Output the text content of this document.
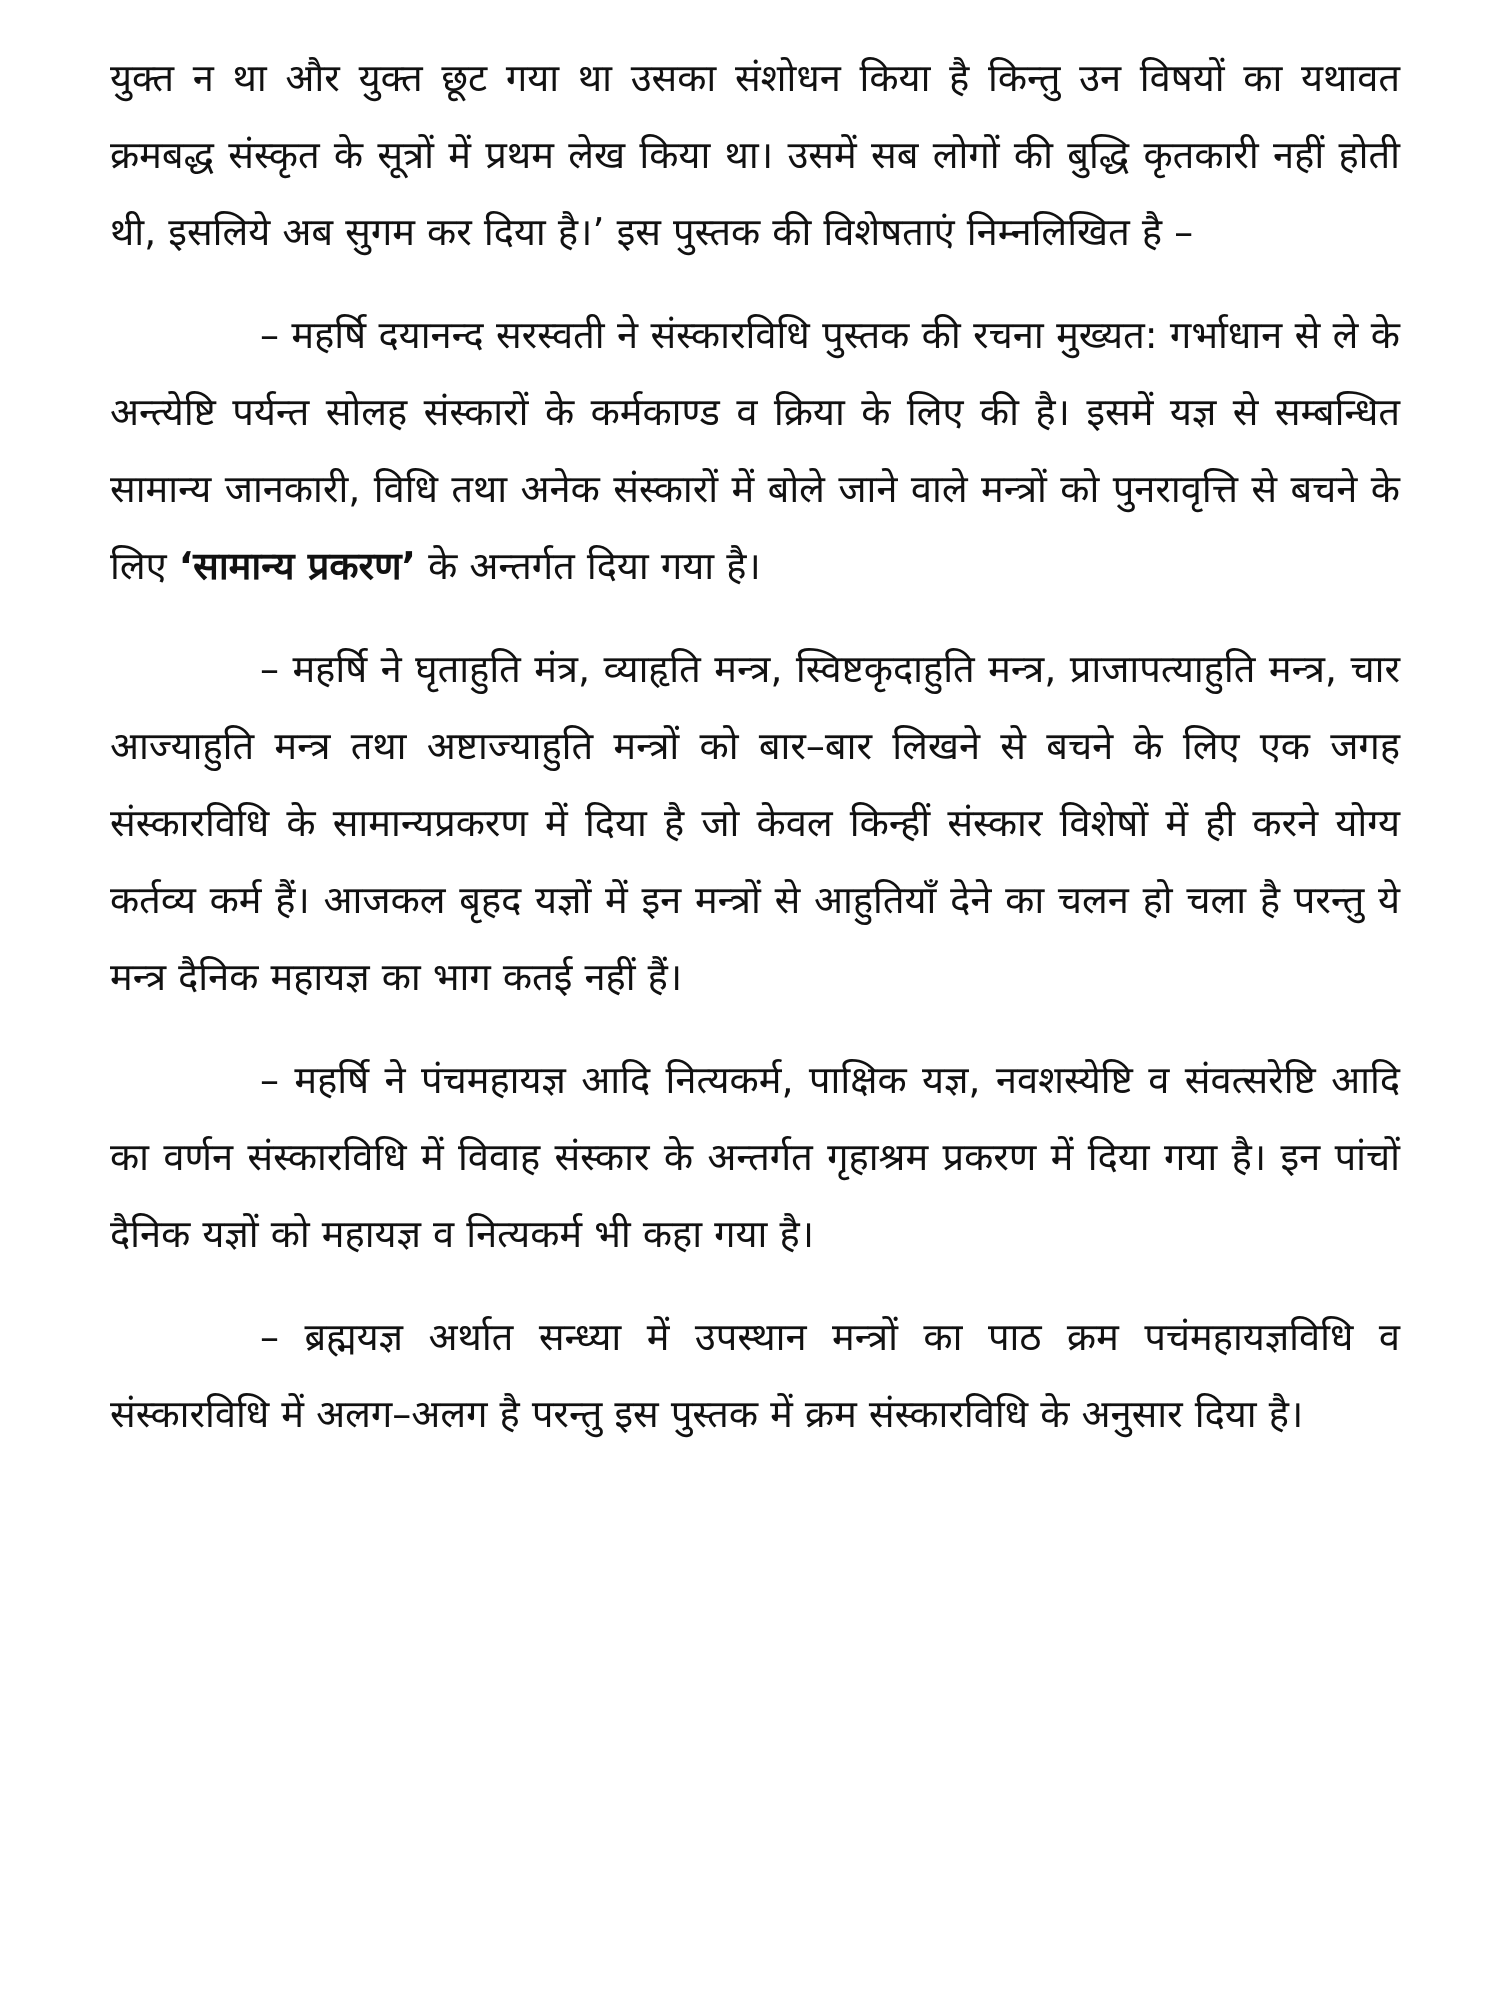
युक्त न था और युक्त छूट गया था उसका संशोधन किया है किन्तु उन विषयों का यथावत क्रमबद्ध संस्कृत के सूत्रों में प्रथम लेख किया था। उसमें सब लोगों की बुद्धि कृतकारी नहीं होती थी, इसलिये अब सुगम कर दिया है।’ इस पुस्तक की विशेषताएं निम्नलिखित है –

– महर्षि दयानन्द सरस्वती ने संस्कारविधि पुस्तक की रचना मुख्यत: गर्भाधान से ले के अन्त्येष्टि पर्यन्त सोलह संस्कारों के कर्मकाण्ड व क्रिया के लिए की है। इसमें यज्ञ से सम्बन्धित सामान्य जानकारी, विधि तथा अनेक संस्कारों में बोले जाने वाले मन्त्रों को पुनरावृत्ति से बचने के लिए ‘सामान्य प्रकरण’ के अन्तर्गत दिया गया है।

– महर्षि ने घृताहुति मंत्र, व्याहृति मन्त्र, स्विष्टकृदाहुति मन्त्र, प्राजापत्याहुति मन्त्र, चार आज्याहुति मन्त्र तथा अष्टाज्याहुति मन्त्रों को बार–बार लिखने से बचने के लिए एक जगह संस्कारविधि के सामान्यप्रकरण में दिया है जो केवल किन्हीं संस्कार विशेषों में ही करने योग्य कर्तव्य कर्म हैं। आजकल बृहद यज्ञों में इन मन्त्रों से आहुतियाँ देने का चलन हो चला है परन्तु ये मन्त्र दैनिक महायज्ञ का भाग कतई नहीं हैं।

– महर्षि ने पंचमहायज्ञ आदि नित्यकर्म, पाक्षिक यज्ञ, नवशस्येष्टि व संवत्सरेष्टि आदि का वर्णन संस्कारविधि में विवाह संस्कार के अन्तर्गत गृहाश्रम प्रकरण में दिया गया है। इन पांचों दैनिक यज्ञों को महायज्ञ व नित्यकर्म भी कहा गया है।

– ब्रह्मयज्ञ अर्थात सन्ध्या में उपस्थान मन्त्रों का पाठ क्रम पचंमहायज्ञविधि व संस्कारविधि में अलग–अलग है परन्तु इस पुस्तक में क्रम संस्कारविधि के अनुसार दिया है।
